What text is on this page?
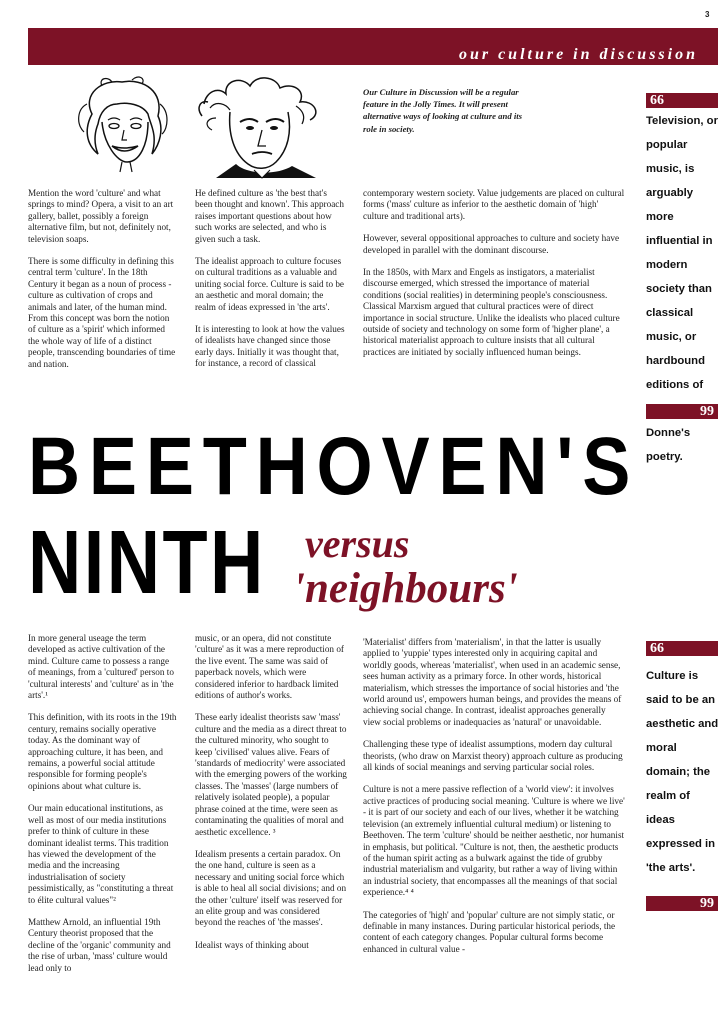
3
our culture in discussion
Our Culture in Discussion will be a regular feature in the Jolly Times. It will present alternative ways of looking at culture and its role in society.
66
Television, or popular music, is arguably more influential in modern society than classical music, or hardbound editions of Donne's poetry.
99

Mention the word 'culture' and what springs to mind? Opera, a visit to an art gallery, ballet, possibly a foreign alternative film, but not, definitely not, television soaps.

There is some difficulty in defining this central term 'culture'. In the 18th Century it began as a noun of process - culture as cultivation of crops and animals and later, of the human mind. From this concept was born the notion of culture as a 'spirit' which informed the whole way of life of a distinct people, transcending boundaries of time and nation.

He defined culture as 'the best that's been thought and known'. This approach raises important questions about how such works are selected, and who is given such a task.

The idealist approach to culture focuses on cultural traditions as a valuable and uniting social force. Culture is said to be an aesthetic and moral domain; the realm of ideas expressed in 'the arts'.

It is interesting to look at how the values of idealists have changed since those early days. Initially it was thought that, for instance, a record of classical

contemporary western society. Value judgements are placed on cultural forms ('mass' culture as inferior to the aesthetic domain of 'high' culture and traditional arts).

However, several oppositional approaches to culture and society have developed in parallel with the dominant discourse.

In the 1850s, with Marx and Engels as instigators, a materialist discourse emerged, which stressed the importance of material conditions (social realities) in determining people's consciousness. Classical Marxism argued that cultural practices were of direct importance in social structure. Unlike the idealists who placed culture outside of society and technology on some form of 'higher plane', a historical materialist approach to culture insists that all cultural practices are initiated by socially influenced human beings.

BEETHOVEN'S
NINTH versus
'neighbours'

In more general useage the term developed as active cultivation of the mind. Culture came to possess a range of meanings, from a 'cultured' person to 'cultural interests' and 'culture' as in 'the arts'.¹

This definition, with its roots in the 19th century, remains socially operative today. As the dominant way of approaching culture, it has been, and remains, a powerful social attitude responsible for forming people's opinions about what culture is.

Our main educational institutions, as well as most of our media institutions prefer to think of culture in these dominant idealist terms. This tradition has viewed the development of the media and the increasing industrialisation of society pessimistically, as "constituting a threat to élite cultural values"²

Matthew Arnold, an influential 19th Century theorist proposed that the decline of the 'organic' community and the rise of urban, 'mass' culture would lead only to

music, or an opera, did not constitute 'culture' as it was a mere reproduction of the live event. The same was said of paperback novels, which were considered inferior to hardback limited editions of author's works.

These early idealist theorists saw 'mass' culture and the media as a direct threat to the cultured minority, who sought to keep 'civilised' values alive. Fears of 'standards of mediocrity' were associated with the emerging powers of the working classes. The 'masses' (large numbers of relatively isolated people), a popular phrase coined at the time, were seen as contaminating the qualities of moral and aesthetic excellence. ³

Idealism presents a certain paradox. On the one hand, culture is seen as a necessary and uniting social force which is able to heal all social divisions; and on the other 'culture' itself was reserved for an elite group and was considered beyond the reaches of 'the masses'.

Idealist ways of thinking about

'Materialist' differs from 'materialism', in that the latter is usually applied to 'yuppie' types interested only in acquiring capital and worldly goods, whereas 'materialist', when used in an academic sense, sees human activity as a primary force. In other words, historical materialism, which stresses the importance of social histories and 'the world around us', empowers human beings, and provides the means of achieving social change. In contrast, idealist approaches generally view social problems or inadequacies as 'natural' or unavoidable.

Challenging these type of idealist assumptions, modern day cultural theorists, (who draw on Marxist theory) approach culture as producing all kinds of social meanings and serving particular social roles.

Culture is not a mere passive reflection of a 'world view': it involves active practices of producing social meaning. 'Culture is where we live' - it is part of our society and each of our lives, whether it be watching television (an extremely influential cultural medium) or listening to Beethoven. The term 'culture' should be neither aesthetic, nor humanist in emphasis, but political. "Culture is not, then, the aesthetic products of the human spirit acting as a bulwark against the tide of grubby industrial materialism and vulgarity, but rather a way of living within an industrial society, that encompasses all the meanings of that social experience.⁴ ⁴

The categories of 'high' and 'popular' culture are not simply static, or definable in many instances. During particular historical periods, the content of each category changes. Popular cultural forms become enhanced in cultural value -

66
Culture is said to be an aesthetic and moral domain; the realm of ideas expressed in 'the arts'.
99
